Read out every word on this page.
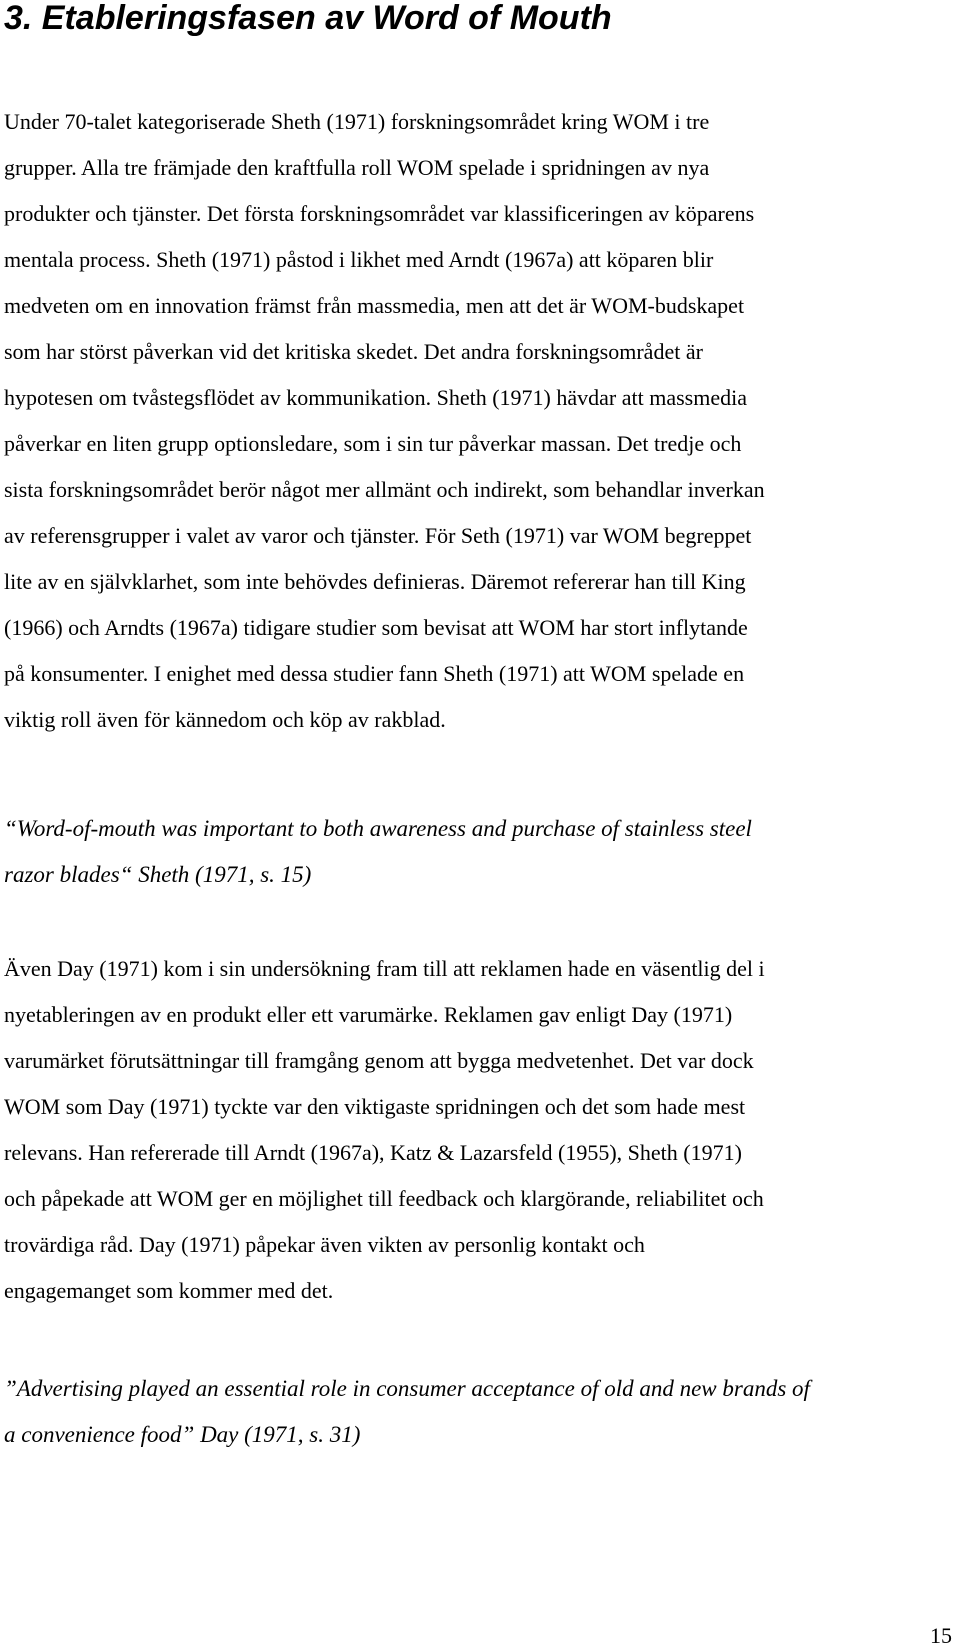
3. Etableringsfasen av Word of Mouth

Under 70-talet kategoriserade Sheth (1971) forskningsområdet kring WOM i tre
grupper. Alla tre främjade den kraftfulla roll WOM spelade i spridningen av nya
produkter och tjänster. Det första forskningsområdet var klassificeringen av köparens
mentala process. Sheth (1971) påstod i likhet med Arndt (1967a) att köparen blir
medveten om en innovation främst från massmedia, men att det är WOM-budskapet
som har störst påverkan vid det kritiska skedet. Det andra forskningsområdet är
hypotesen om tvåstegsflödet av kommunikation. Sheth (1971) hävdar att massmedia
påverkar en liten grupp optionsledare, som i sin tur påverkar massan. Det tredje och
sista forskningsområdet berör något mer allmänt och indirekt, som behandlar inverkan
av referensgrupper i valet av varor och tjänster. För Seth (1971) var WOM begreppet
lite av en självklarhet, som inte behövdes definieras. Däremot refererar han till King
(1966) och Arndts (1967a) tidigare studier som bevisat att WOM har stort inflytande
på konsumenter. I enighet med dessa studier fann Sheth (1971) att WOM spelade en
viktig roll även för kännedom och köp av rakblad.

“Word-of-mouth was important to both awareness and purchase of stainless steel
razor blades“ Sheth (1971, s. 15)

Även Day (1971) kom i sin undersökning fram till att reklamen hade en väsentlig del i
nyetableringen av en produkt eller ett varumärke. Reklamen gav enligt Day (1971)
varumärket förutsättningar till framgång genom att bygga medvetenhet. Det var dock
WOM som Day (1971) tyckte var den viktigaste spridningen och det som hade mest
relevans. Han refererade till Arndt (1967a), Katz & Lazarsfeld (1955), Sheth (1971)
och påpekade att WOM ger en möjlighet till feedback och klargörande, reliabilitet och
trovärdiga råd. Day (1971) påpekar även vikten av personlig kontakt och
engagemanget som kommer med det.

”Advertising played an essential role in consumer acceptance of old and new brands of
a convenience food” Day (1971, s. 31)

15
